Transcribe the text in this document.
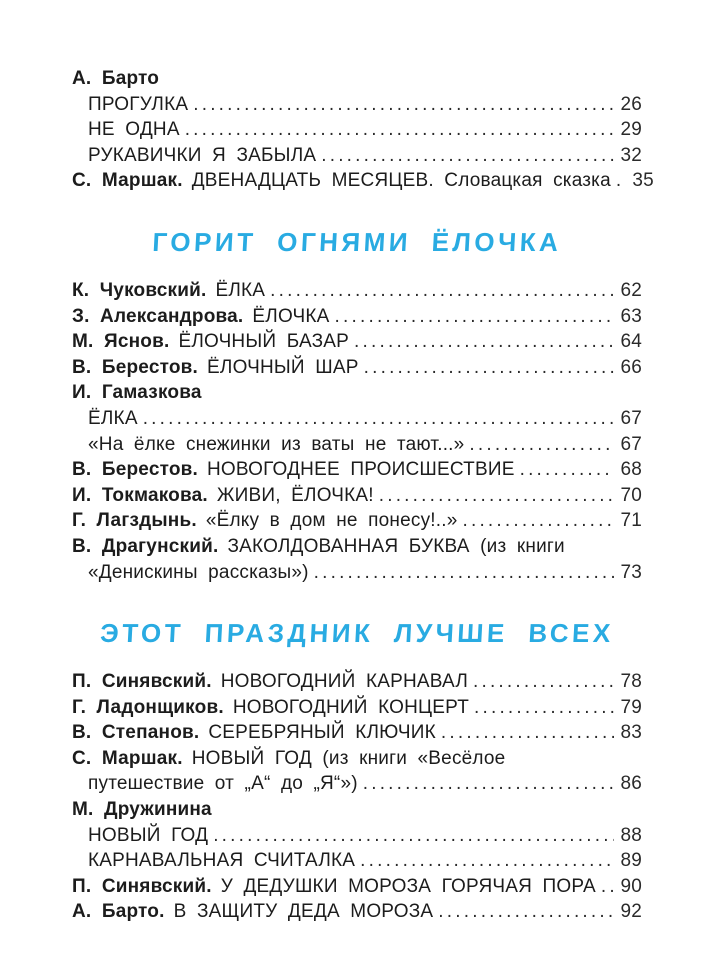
А. Барто
ПРОГУЛКА .....	26
НЕ ОДНА .....	29
РУКАВИЧКИ Я ЗАБЫЛА .....	32
С. Маршак. ДВЕНАДЦАТЬ МЕСЯЦЕВ. Словацкая сказка ..... 35
ГОРИТ ОГНЯМИ ЁЛОЧКА
К. Чуковский. ЁЛКА .....	62
З. Александрова. ЁЛОЧКА .....	63
М. Яснов. ЁЛОЧНЫЙ БАЗАР .....	64
В. Берестов. ЁЛОЧНЫЙ ШАР .....	66
И. Гамазкова
ЁЛКА .....	67
«На ёлке снежинки из ваты не тают...» .....	67
В. Берестов. НОВОГОДНЕЕ ПРОИСШЕСТВИЕ .....	68
И. Токмакова. ЖИВИ, ЁЛОЧКА! .....	70
Г. Лагздынь. «Ёлку в дом не понесу!..» .....	71
В. Драгунский. ЗАКОЛДОВАННАЯ БУКВА (из книги
«Денискины рассказы») .....	73
ЭТОТ ПРАЗДНИК ЛУЧШЕ ВСЕХ
П. Синявский. НОВОГОДНИЙ КАРНАВАЛ .....	78
Г. Ладонщиков. НОВОГОДНИЙ КОНЦЕРТ .....	79
В. Степанов. СЕРЕБРЯНЫЙ КЛЮЧИК .....	83
С. Маршак. НОВЫЙ ГОД (из книги «Весёлое
путешествие от „А“ до „Я“») .....	86
М. Дружинина
НОВЫЙ ГОД .....	88
КАРНАВАЛЬНАЯ СЧИТАЛКА .....	89
П. Синявский. У ДЕДУШКИ МОРОЗА ГОРЯЧАЯ ПОРА ..... 90
А. Барто. В ЗАЩИТУ ДЕДА МОРОЗА .....	92
